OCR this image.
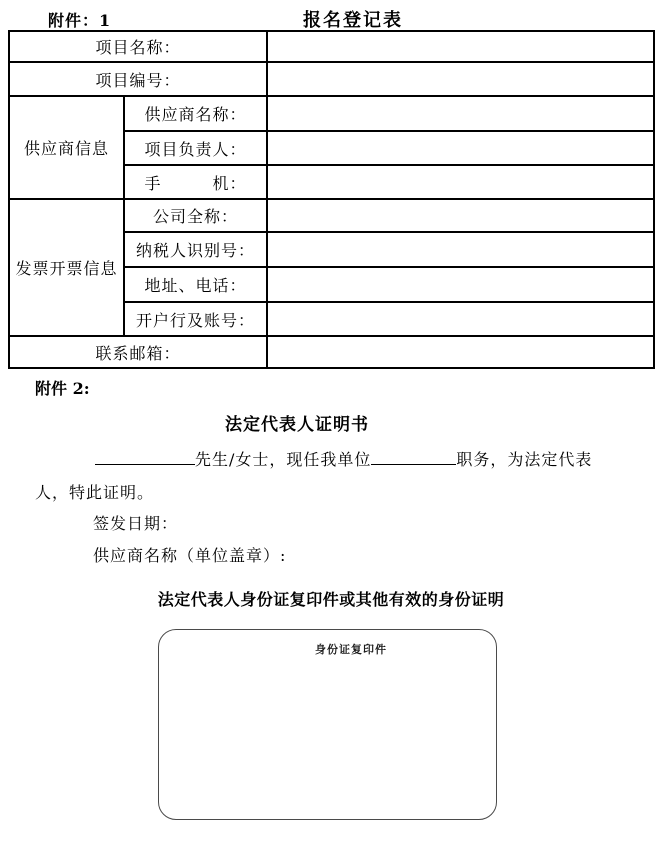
附件：1	报名登记表
项目名称：		
项目编号：		
供应商信息	供应商名称：	
	项目负责人：	
	手　　　机：	
发票开票信息	公司全称：	
	纳税人识别号：	
	地址、电话：	
	开户行及账号：	
联系邮箱：		
附件 2:
法定代表人证明书
先生/女士，现任我单位	职务，为法定代表
人，特此证明。
签发日期：
供应商名称（单位盖章）:
法定代表人身份证复印件或其他有效的身份证明
身份证复印件
